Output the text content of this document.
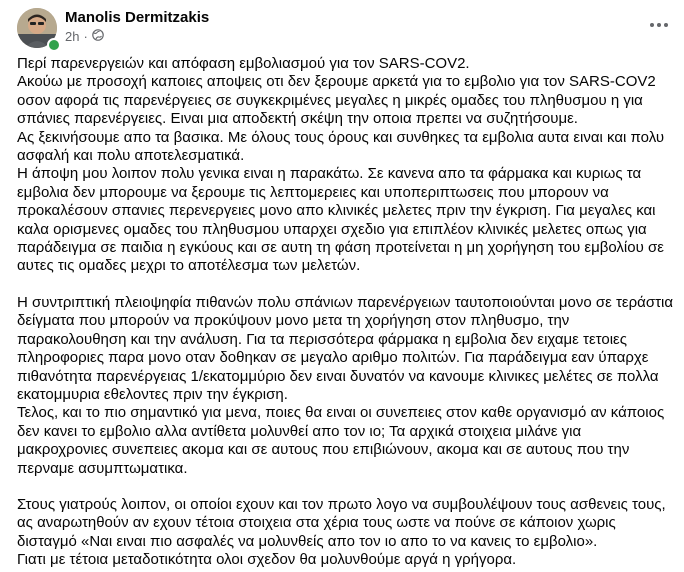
Manolis Dermitzakis
2h ·

Περί παρενεργειών και απόφαση εμβολιασμού για τον SARS-COV2.
Ακούω με προσοχή καποιες αποψεις οτι δεν ξερουμε αρκετά για το εμβολιο για τον SARS-COV2 οσον αφορά τις παρενέργειες σε συγκεκριμένες μεγαλες η μικρές ομαδες του πληθυσμου η για σπάνιες παρενέργειες. Ειναι μια αποδεκτή σκέψη την οποια πρεπει να συζητήσουμε.
Ας ξεκινήσουμε απο τα βασικα. Με όλους τους όρους και συνθηκες τα εμβολια αυτα ειναι και πολυ ασφαλή και πολυ αποτελεσματικά.
Η άποψη μου λοιπον πολυ γενικα ειναι η παρακάτω. Σε κανενα απο τα φάρμακα και κυριως τα εμβολια δεν μπορουμε να ξερουμε τις λεπτομερειες και υποπεριπτωσεις που μπορουν να προκαλέσουν σπανιες περενεργειες μονο απο κλινικές μελετες πριν την έγκριση. Για μεγαλες και καλα ορισμενες ομαδες του πληθυσμου υπαρχει σχεδιο για επιπλέον κλινικές μελετες οπως για παράδειγμα σε παιδια η εγκύους και σε αυτη τη φάση προτείνεται η μη χορήγηση του εμβολίου σε αυτες τις ομαδες μεχρι το αποτέλεσμα των μελετών.

Η συντριπτική πλειοψηφία πιθανών πολυ σπάνιων παρενέργειων ταυτοποιούνται μονο σε τεράστια δείγματα που μπορούν να προκύψουν μονο μετα τη χορήγηση στον πληθυσμο, την παρακολουθηση και την ανάλυση. Για τα περισσότερα φάρμακα η εμβολια δεν ειχαμε τετοιες πληροφοριες παρα μονο οταν δοθηκαν σε μεγαλο αριθμο πολιτών. Για παράδειγμα εαν ύπαρχε πιθανότητα παρενέργειας 1/εκατομμύριο δεν ειναι δυνατόν να κανουμε κλινικες μελέτες σε πολλα εκατομμυρια εθελοντες πριν την έγκριση.
Τελος, και το πιο σημαντικό για μενα, ποιες θα ειναι οι συνεπειες στον καθε οργανισμό αν κάποιος δεν κανει το εμβολιο αλλα αντίθετα μολυνθεί απο τον ιο; Τα αρχικά στοιχεια μιλάνε για μακροχρονιες συνεπειες ακομα και σε αυτους που επιβιώνουν, ακομα και σε αυτους που την περναμε ασυμπτωματικα.

Στους γιατρούς λοιπον, οι οποίοι εχουν και τον πρωτο λογο να συμβουλέψουν τους ασθενεις τους, ας αναρωτηθούν αν εχουν τέτοια στοιχεια στα χέρια τους ωστε να πούνε σε κάποιον χωρις δισταγμό «Ναι ειναι πιο ασφαλές να μολυνθείς απο τον ιο απο το να κανεις το εμβολιο».
Γιατι με τέτοια μεταδοτικότητα ολοι σχεδον θα μολυνθούμε αργά η γρήγορα.
